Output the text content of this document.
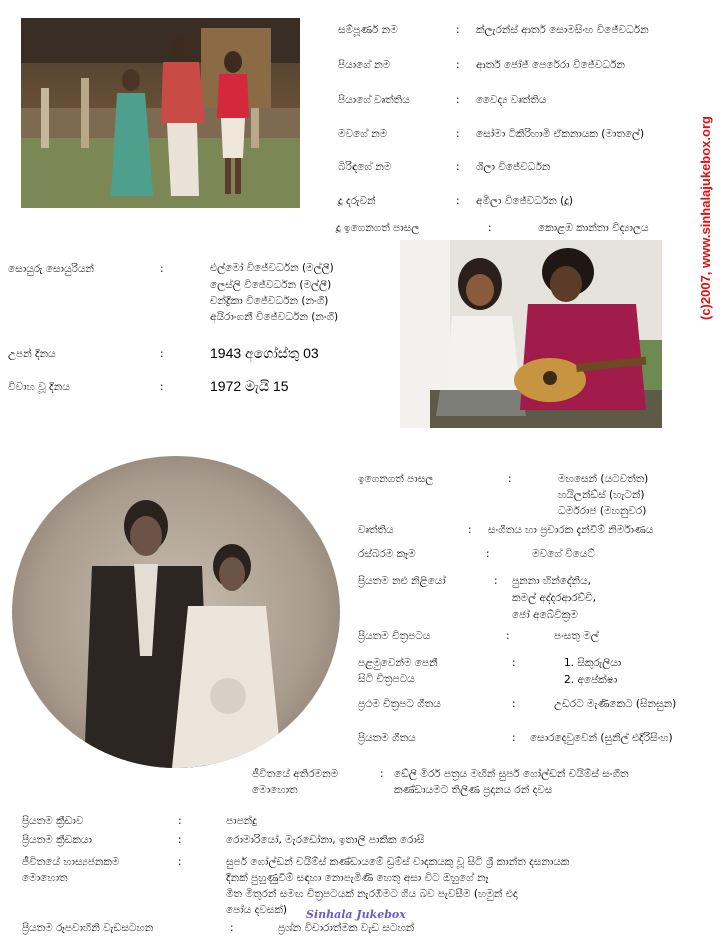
(c)2007, www.sinhalajukebox.org
සම්පූර්ණ නම	: ක්ලැරන්ස් ආතර් සොමසිංහ විජේවර්ධන
පියාගේ නම	: ආතර් ජෝජ් පෙරේරා විජේවර්ධන
පියාගේ වෘත්තිය	: වෛද්‍ය වෘත්තිය
මවගේ නම	: සෝමා ටිකිරිහාමි ඒකනායක (මාතලේ)
බිරිඳගේ නම	: ශිලා විජේවර්ධන
දූ දරුවන්	: අමිලා විජේවර්ධන (දූ)
දූ ඉගෙනගත් පාසල	:	කොළඹ කාන්තා විද්‍යාලය
සොයුරු සොයුරියන්	:	එල්මෝ විජේවර්ධන (මල්ලී)
ලෙස්ලි විජේවර්ධන (මල්ලී)
චන්ද්‍රිකා විජේවර්ධන (නංගී)
අයිරාංගනී විජේවර්ධන (නංගී)
උපන් දිනය	:	1943 අගෝස්තු 03
විවාහ වූ දිනය	:	1972 මැයි 15
ඉගෙනගත් පාසල	:	මහසෙන් (යටවත්ත)
හයිලන්ඩ්ස් (හැටන්)
ධර්මරාජ (මහනුවර)
වෘත්තිය	: සංගීතය හා ප්‍රචාරක දැන්වීම් නිර්මාණය
රස්බරම ‍කෑම	:	මවගේ වියෙට්
ප්‍රියතම නළු නිළියෝ	: පුනනා හින්දේනිය,
කමල් අද්දරආරච්චි,
ජෝ අබේවික්‍රම
ප්‍රියතම චිත්‍රපටය	:	පංසතු මල්
පළමුවෙන්ම පෙනී
සිටි චිත්‍රපටය
:	1. සිකුරුලියා
2. අපේක්ෂා
ප්‍රථම චිත්‍රපට ගීතය	:	උඩරට මැණිකෙට (සිනසුන)
ප්‍රියතම ගීතය	: සොරදෙවුවෙන් (සුනිල් එදිරිසිංහ)
ජීවිතයේ අතිරමනම
මොහොත
: ඩේලි මිරර් පත්‍රය මඟින් සුපර් ගෝල්ඩන් චයිම්ස් සංගීත
කණ්ඩායමට තිලිණ ප්‍රදානය රන් දවස
ප්‍රියතම ක්‍රීඩාව	:	පාපන්දු
ප්‍රියතම ක්‍රීඩකයා	:	රොමාරියෝ, මැරඩෝනා, ඉතාලි පාකික රොසි
ජීවිතයේ හාස්‍යජනකම
මොහොත
:	සුපර් ගෝල්ඩන් චයිම්ස් කණ්ඩායමේ ඩ්‍රම්ස් වාදකයකු වූ සිටි ශ්‍රී කාන්ත දසනායක
දිනක් පුහුණුවීම් සඳහා නොපැමිණි හෙතු අසා විට ඔහුගේ නෑ
මිත මිතුරන් සමඟ චිත්‍රපටයක් නැරඹීමට ගිය බව පැවසීම (හමුන් එදා
පෝය දවසක්)
ප්‍රියතම රූපවාහිනි වැඩසටහන	:	ප්‍රශ්න විචාරාත්මක වැඩ සටහන්
Sinhala Jukebox
